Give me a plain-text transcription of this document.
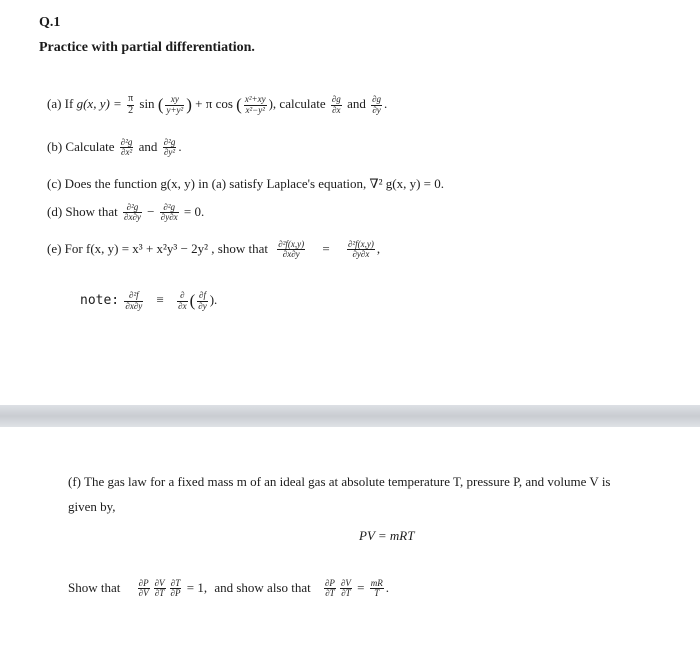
Q.1
Practice with partial differentiation.
(a) If g(x, $y) = \frac{\pi}{2}$ sin ( $\frac{xy}{\text{y+y²}}$ ) + π cos ( $\frac{\text{x²+xy}}{\text{x²−y²}}$ ), calculate $\frac{\partial g}{\partial x}$ and $\frac{\partial g}{\partial y}$ .
(b) Calculate $\frac{\text{∂²g}}{\text{∂x²}}$ and $\frac{\text{∂²g}}{\text{∂y²}}$ .
(c) Does the function g(x, y) in (a) satisfy Laplace's equation, ∇² g(x, y) = 0.
(d) Show that $\frac{\text{∂²g}}{\partial x\partial y} - \frac{\text{∂²g}}{\partial y\partial x} = 0$.
(e) For f(x, y) = x³ + x²y³ − 2y² , show that $\frac{\text{∂²f(x,y)}}{\partial x\partial y} = \frac{\text{∂²f(x,y)}}{\partial y\partial x}$ ,
note: $\frac{\text{∂²f}}{\partial x\partial y} \equiv \frac{\partial}{\partial x}$ ( $\frac{\partial f}{\partial y}$ ).
(f) The gas law for a fixed mass m of an ideal gas at absolute temperature T, pressure P, and volume V is
given by,
PV = mRT
Show that $\frac{\partial P}{\partial V} \frac{\partial V}{\partial T} \frac{\partial T}{\partial P} = 1$, and show also that $\frac{\partial P}{\partial T} \frac{\partial V}{\partial T} = \frac{mR}{T}$ .
